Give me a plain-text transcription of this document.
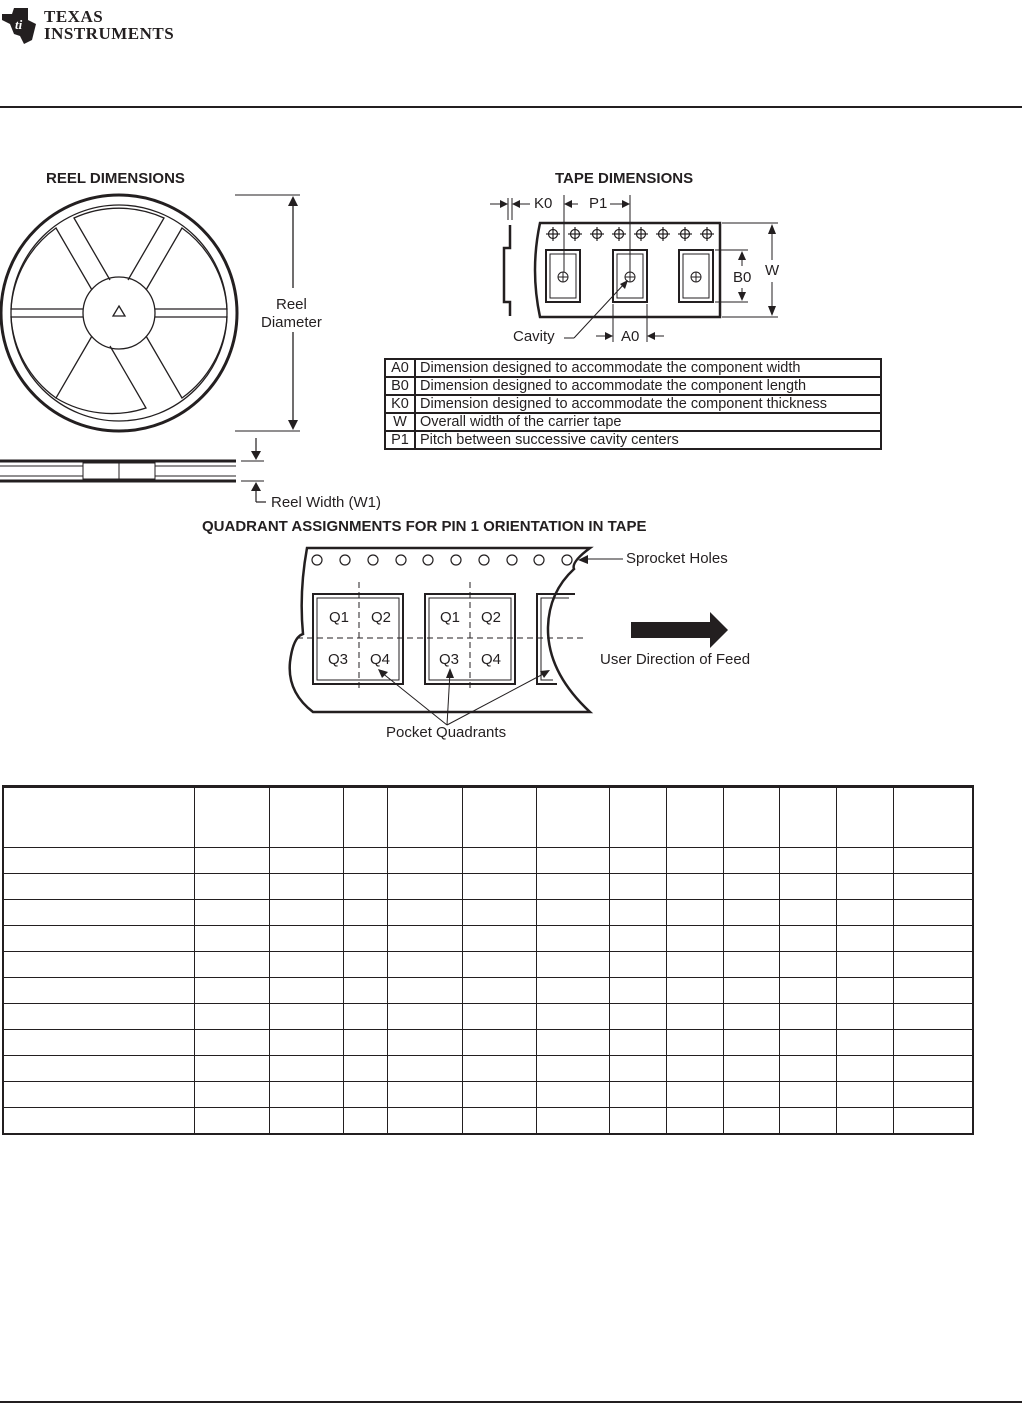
ti TEXAS
INSTRUMENTS
REEL DIMENSIONS	TAPE DIMENSIONS
Reel
Diameter
Reel Width (W1)
K0 P1
B0 W
Cavity	A0
A0	Dimension designed to accommodate the component width
B0	Dimension designed to accommodate the component length
K0	Dimension designed to accommodate the component thickness
W	Overall width of the carrier tape
P1	Pitch between successive cavity centers
QUADRANT ASSIGNMENTS FOR PIN 1 ORIENTATION IN TAPE
Q1 Q2
Q3 Q4
Q1 Q2
Q3 Q4
Sprocket Holes
User Direction of Feed
Pocket Quadrants
